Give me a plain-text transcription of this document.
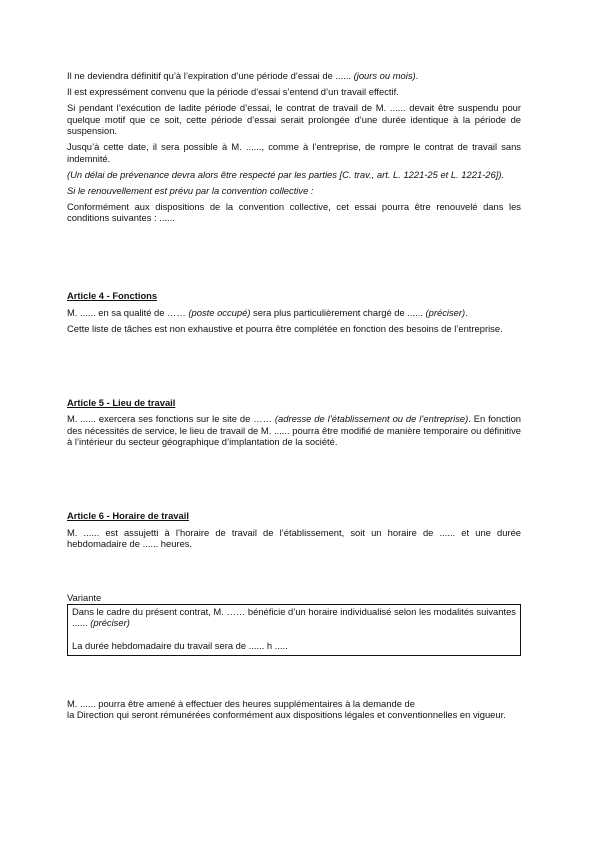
Il ne deviendra définitif qu’à l’expiration d’une période d’essai de ...... (jours ou mois).

Il est expressément convenu que la période d’essai s’entend d’un travail effectif.

Si pendant l’exécution de ladite période d’essai, le contrat de travail de M. ...... devait être suspendu pour quelque motif que ce soit, cette période d’essai serait prolongée d’une durée identique à la période de suspension.

Jusqu’à cette date, il sera possible à M. ......, comme à l’entreprise, de rompre le contrat de travail sans indemnité.

(Un délai de prévenance devra alors être respecté par les parties [C. trav., art. L. 1221-25 et L. 1221-26]).

Si le renouvellement est prévu par la convention collective :

Conformément aux dispositions de la convention collective, cet essai pourra être renouvelé dans les conditions suivantes : ......

Article 4 - Fonctions

M. ...... en sa qualité de …… (poste occupé) sera plus particulièrement chargé de ...... (préciser).

Cette liste de tâches est non exhaustive et pourra être complétée en fonction des besoins de l’entreprise.

Article 5 - Lieu de travail

M. ...... exercera ses fonctions sur le site de …… (adresse de l’établissement ou de l’entreprise). En fonction des nécessités de service, le lieu de travail de M. ...... pourra être modifié de manière temporaire ou définitive à l’intérieur du secteur géographique d’implantation de la société.

Article 6 - Horaire de travail

M. ...... est assujetti à l’horaire de travail de l’établissement, soit un horaire de ...... et une durée hebdomadaire de ...... heures.

Variante

Dans le cadre du présent contrat, M. …… bénéficie d’un horaire individualisé selon les modalités suivantes ...... (préciser)

La durée hebdomadaire du travail sera de ...... h .....

M. ...... pourra être amené à effectuer des heures supplémentaires à la demande de

la Direction qui seront rémunérées conformément aux dispositions légales et conventionnelles en vigueur.
